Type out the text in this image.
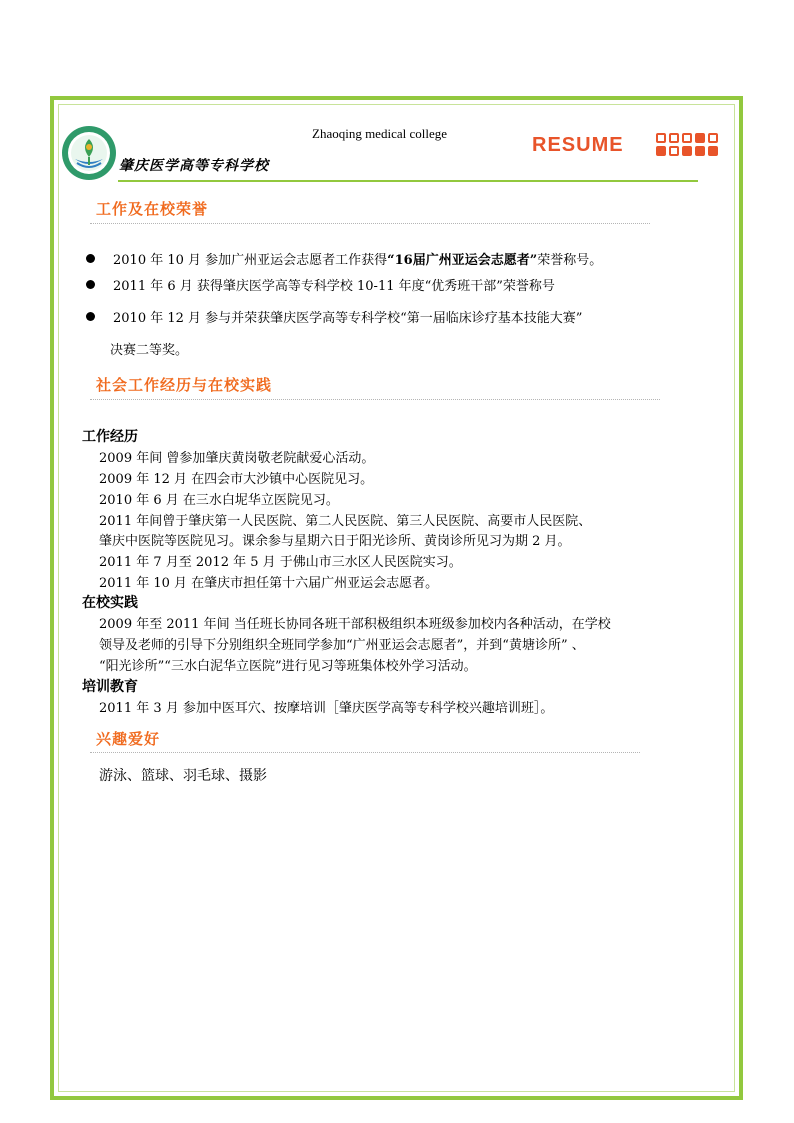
Zhaoqing medical college
肇庆医学高等专科学校
RESUME
工作及在校荣誉
2010 年 10 月 参加广州亚运会志愿者工作获得“16届广州亚运会志愿者”荣誉称号。
2011 年 6 月 获得肇庆医学高等专科学校 10-11 年度“优秀班干部”荣誉称号
2010 年 12 月 参与并荣获肇庆医学高等专科学校“第一届临床诊疗基本技能大赛”
决赛二等奖。
社会工作经历与在校实践
工作经历
2009 年间 曾参加肇庆黄岗敬老院献爱心活动。
2009 年 12 月 在四会市大沙镇中心医院见习。
2010 年 6 月 在三水白坭华立医院见习。
2011 年间曾于肇庆第一人民医院、第二人民医院、第三人民医院、高要市人民医院、
肇庆中医院等医院见习。课余参与星期六日于阳光诊所、黄岗诊所见习为期 2 月。
2011 年 7 月至 2012 年 5 月 于佛山市三水区人民医院实习。
2011 年 10 月 在肇庆市担任第十六届广州亚运会志愿者。
在校实践
2009 年至 2011 年间 当任班长协同各班干部积极组织本班级参加校内各种活动，在学校
领导及老师的引导下分别组织全班同学参加“广州亚运会志愿者”，并到“黄塘诊所” 、
“阳光诊所”“三水白泥华立医院”进行见习等班集体校外学习活动。
培训教育
2011 年 3 月 参加中医耳穴、按摩培训［肇庆医学高等专科学校兴趣培训班］。
兴趣爱好
游泳、篮球、羽毛球、摄影
